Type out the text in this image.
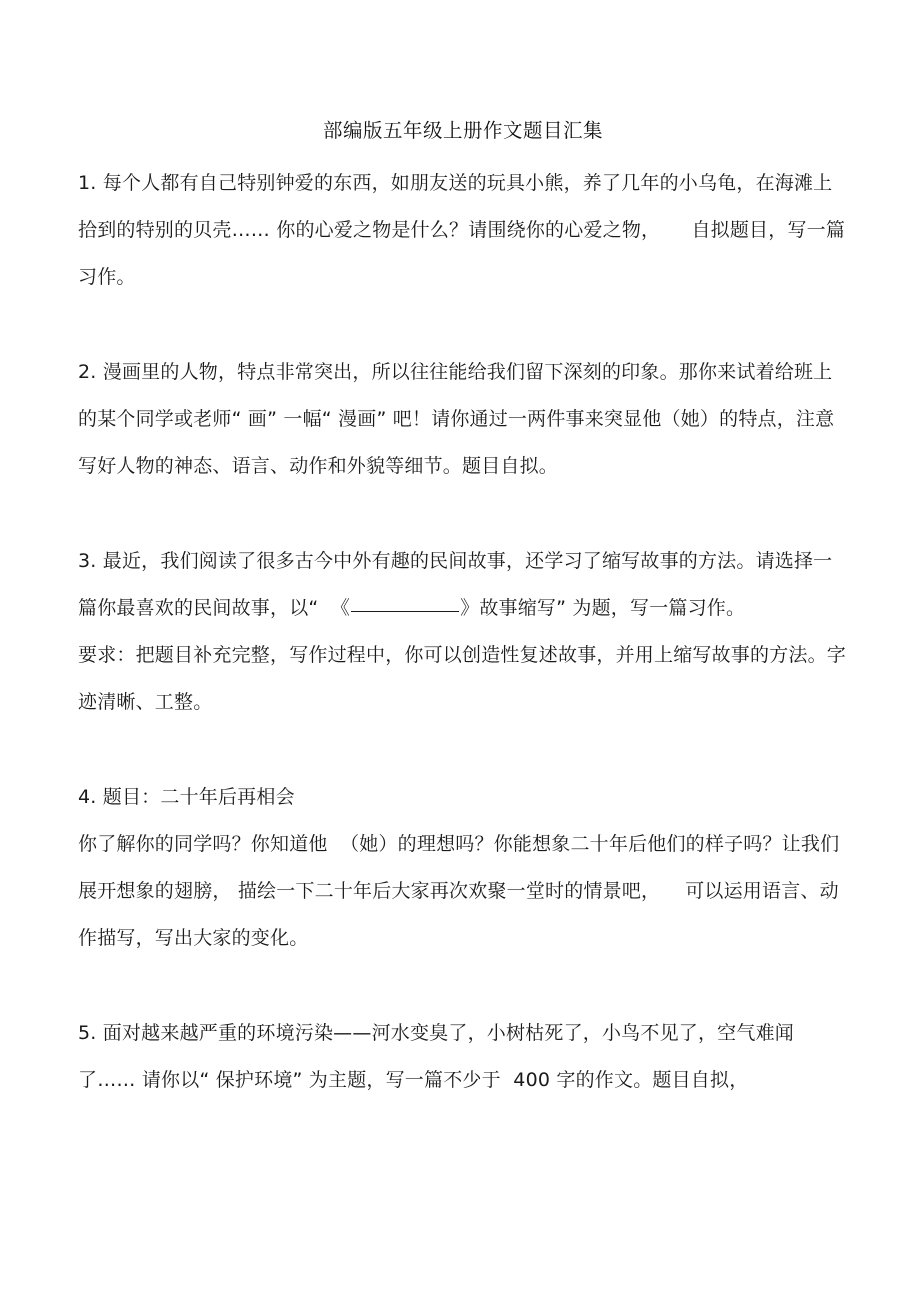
部编版五年级上册作文题目汇集
1. 每个人都有自己特别钟爱的东西，如朋友送的玩具小熊，养了几年的小乌龟，在海滩上拾到的特别的贝壳…… 你的心爱之物是什么？请围绕你的心爱之物，     自拟题目，写一篇习作。
2. 漫画里的人物，特点非常突出，所以往往能给我们留下深刻的印象。那你来试着给班上的某个同学或老师“ 画” 一幅“ 漫画” 吧！请你通过一两件事来突显他（她）的特点，注意写好人物的神态、语言、动作和外貌等细节。题目自拟。
3. 最近，我们阅读了很多古今中外有趣的民间故事，还学习了缩写故事的方法。请选择一篇你最喜欢的民间故事，以“  《	》故事缩写” 为题，写一篇习作。
要求：把题目补充完整，写作过程中，你可以创造性复述故事，并用上缩写故事的方法。字迹清晰、工整。
4. 题目：二十年后再相会
你了解你的同学吗？你知道他  （她）的理想吗？你能想象二十年后他们的样子吗？让我们展开想象的翅膀， 描绘一下二十年后大家再次欢聚一堂时的情景吧，    可以运用语言、动作描写，写出大家的变化。
5. 面对越来越严重的环境污染——河水变臭了，小树枯死了，小鸟不见了，空气难闻了…… 请你以“ 保护环境” 为主题，写一篇不少于  400 字的作文。题目自拟，
